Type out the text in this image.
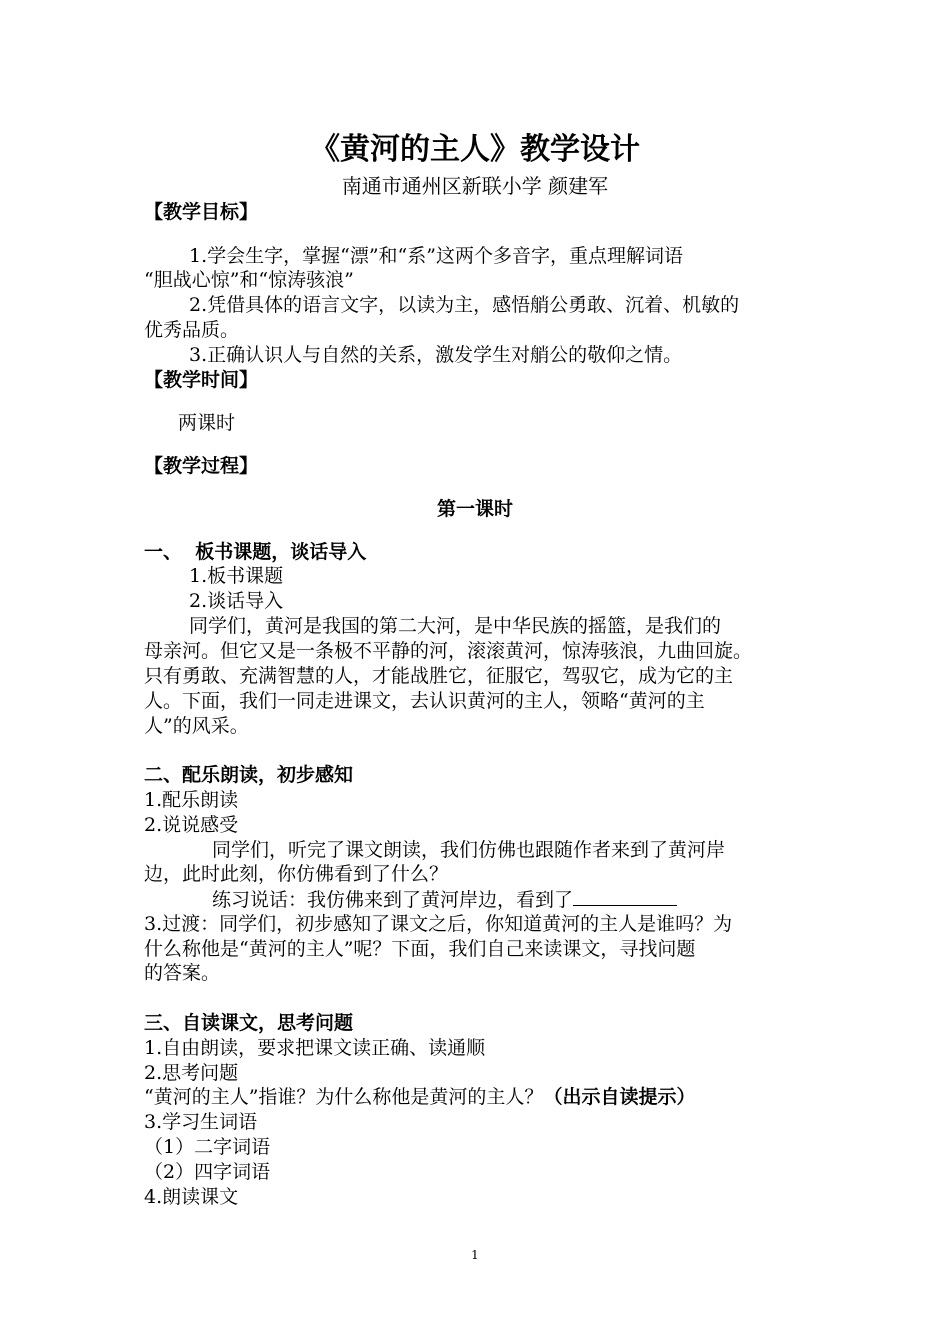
《黄河的主人》教学设计
南通市通州区新联小学 颜建军
【教学目标】
1.学会生字，掌握“漂”和“系”这两个多音字，重点理解词语
“胆战心惊”和“惊涛骇浪”
2.凭借具体的语言文字，以读为主，感悟艄公勇敢、沉着、机敏的
优秀品质。
3.正确认识人与自然的关系，激发学生对艄公的敬仰之情。
【教学时间】
两课时
【教学过程】
第一课时
一、  板书课题，谈话导入
1.板书课题
2.谈话导入
同学们，黄河是我国的第二大河，是中华民族的摇篮，是我们的
母亲河。但它又是一条极不平静的河，滚滚黄河，惊涛骇浪，九曲回旋。
只有勇敢、充满智慧的人，才能战胜它，征服它，驾驭它，成为它的主
人。下面，我们一同走进课文，去认识黄河的主人，领略“黄河的主
人”的风采。
二、配乐朗读，初步感知
1.配乐朗读
2.说说感受
同学们，听完了课文朗读，我们仿佛也跟随作者来到了黄河岸
边，此时此刻，你仿佛看到了什么？
练习说话：我仿佛来到了黄河岸边，看到了
3.过渡：同学们，初步感知了课文之后，你知道黄河的主人是谁吗？为
什么称他是“黄河的主人”呢？下面，我们自己来读课文，寻找问题
的答案。
三、自读课文，思考问题
1.自由朗读，要求把课文读正确、读通顺
2.思考问题
“黄河的主人”指谁？为什么称他是黄河的主人？（出示自读提示）
3.学习生词语
（1）二字词语
（2）四字词语
4.朗读课文
1
